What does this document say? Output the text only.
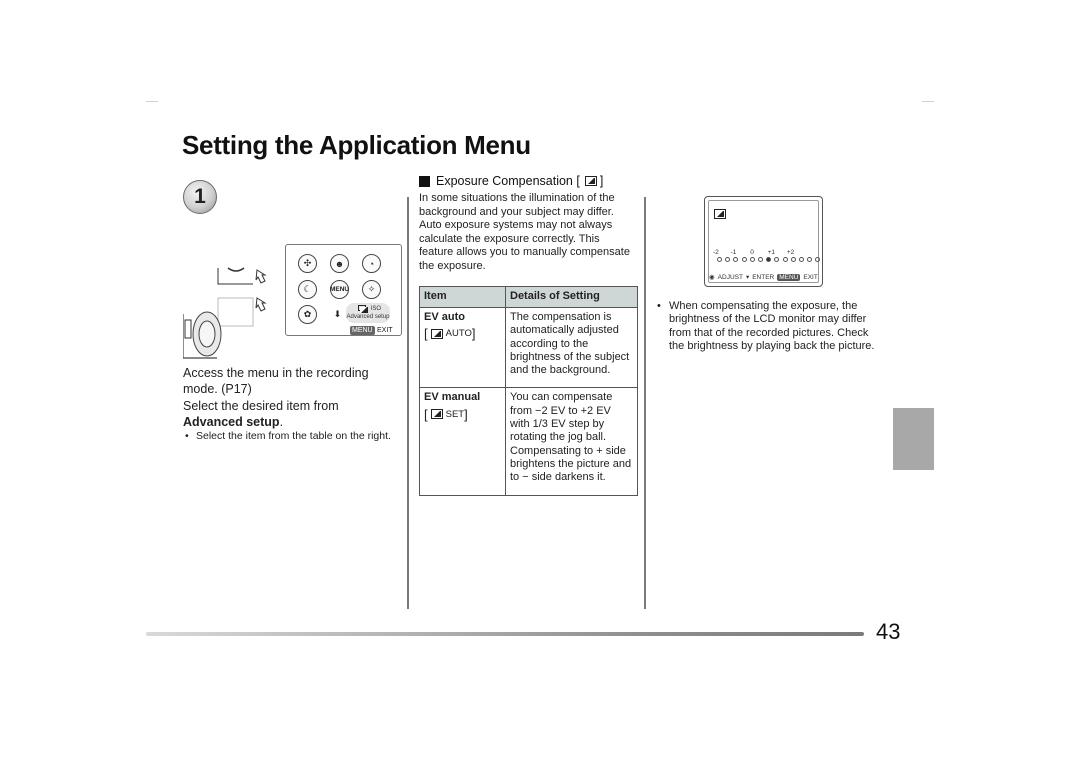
Setting the Application Menu
1
✣	☻	◔
☾	MENU ✧
✿ ⬇	ISO
Advanced setup
MENU EXIT
Access the menu in the recording mode. (P17)
Select the desired item from
Advanced setup.
• Select the item from the table on the right.
Exposure Compensation [ ]
In some situations the illumination of the background and your subject may differ. Auto exposure systems may not always calculate the exposure correctly. This feature allows you to manually compensate the exposure.
Item	Details of Setting

EV auto
[ AUTO ]	The compensation is automatically adjusted according to the brightness of the subject and the background.

EV manual
[ SET ]	You can compensate from −2 EV to +2 EV with 1/3 EV step by rotating the jog ball. Compensating to + side brightens the picture and to − side darkens it.
-2 -1 0 +1 +2
◉ ADJUST ▾ ENTER MENU EXIT
• When compensating the exposure, the brightness of the LCD monitor may differ from that of the recorded pictures. Check the brightness by playing back the picture.
43
